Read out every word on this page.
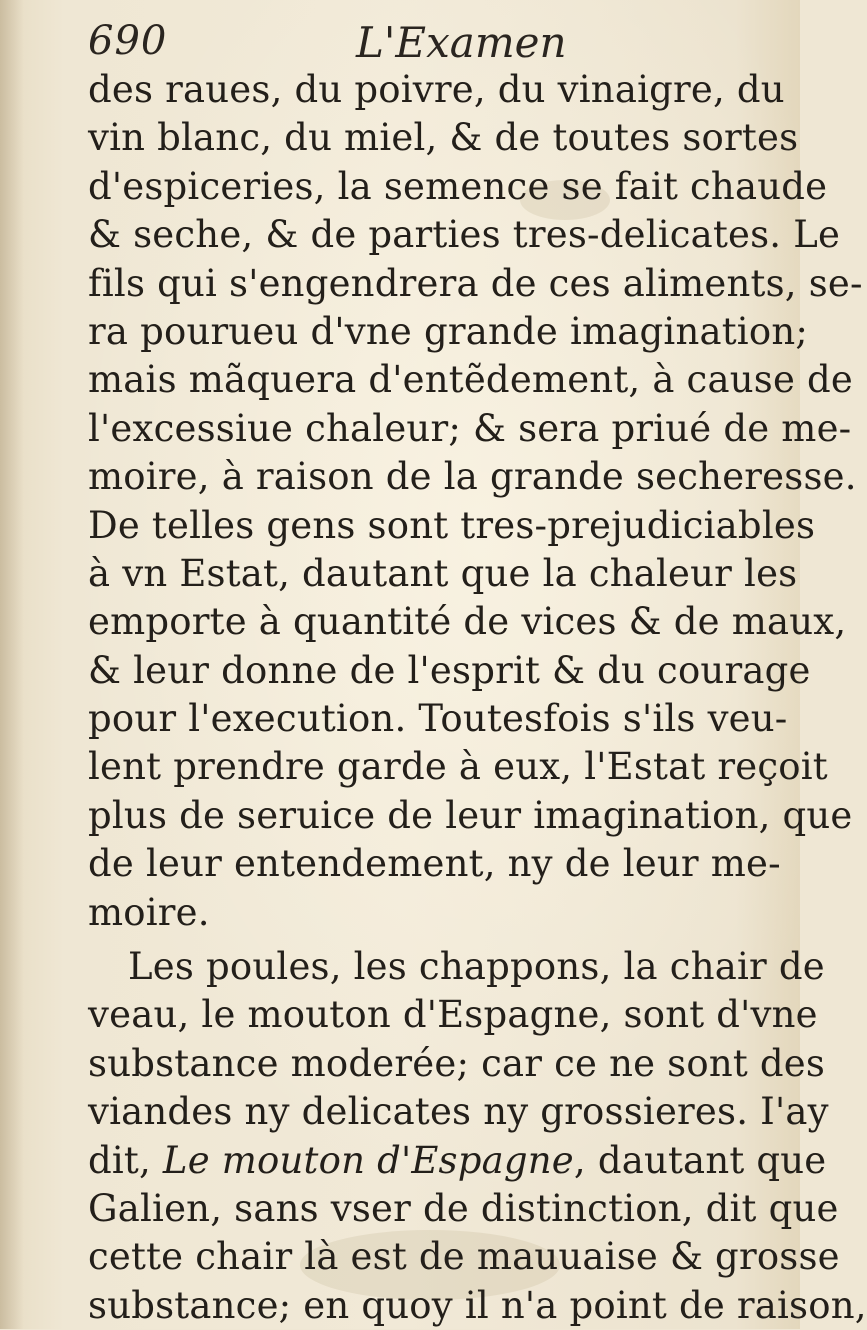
690	L'Examen
des raues, du poivre, du vinaigre, du
vin blanc, du miel, & de toutes sortes
d'espiceries, la semence se fait chaude
& seche, & de parties tres-delicates. Le
fils qui s'engendrera de ces aliments, se-
ra pourueu d'vne grande imagination;
mais mãquera d'entẽdement, à cause de
l'excessiue chaleur; & sera priué de me-
moire, à raison de la grande secheresse.
De telles gens sont tres-prejudiciables
à vn Estat, dautant que la chaleur les
emporte à quantité de vices & de maux,
& leur donne de l'esprit & du courage
pour l'execution. Toutesfois s'ils veu-
lent prendre garde à eux, l'Estat reçoit
plus de seruice de leur imagination, que
de leur entendement, ny de leur me-
moire.
Les poules, les chappons, la chair de
veau, le mouton d'Espagne, sont d'vne
substance moderée; car ce ne sont des
viandes ny delicates ny grossieres. I'ay
dit, Le mouton d'Espagne, dautant que
Galien, sans vser de distinction, dit que
cette chair là est de mauuaise & grosse
substance; en quoy il n'a point de raison,
